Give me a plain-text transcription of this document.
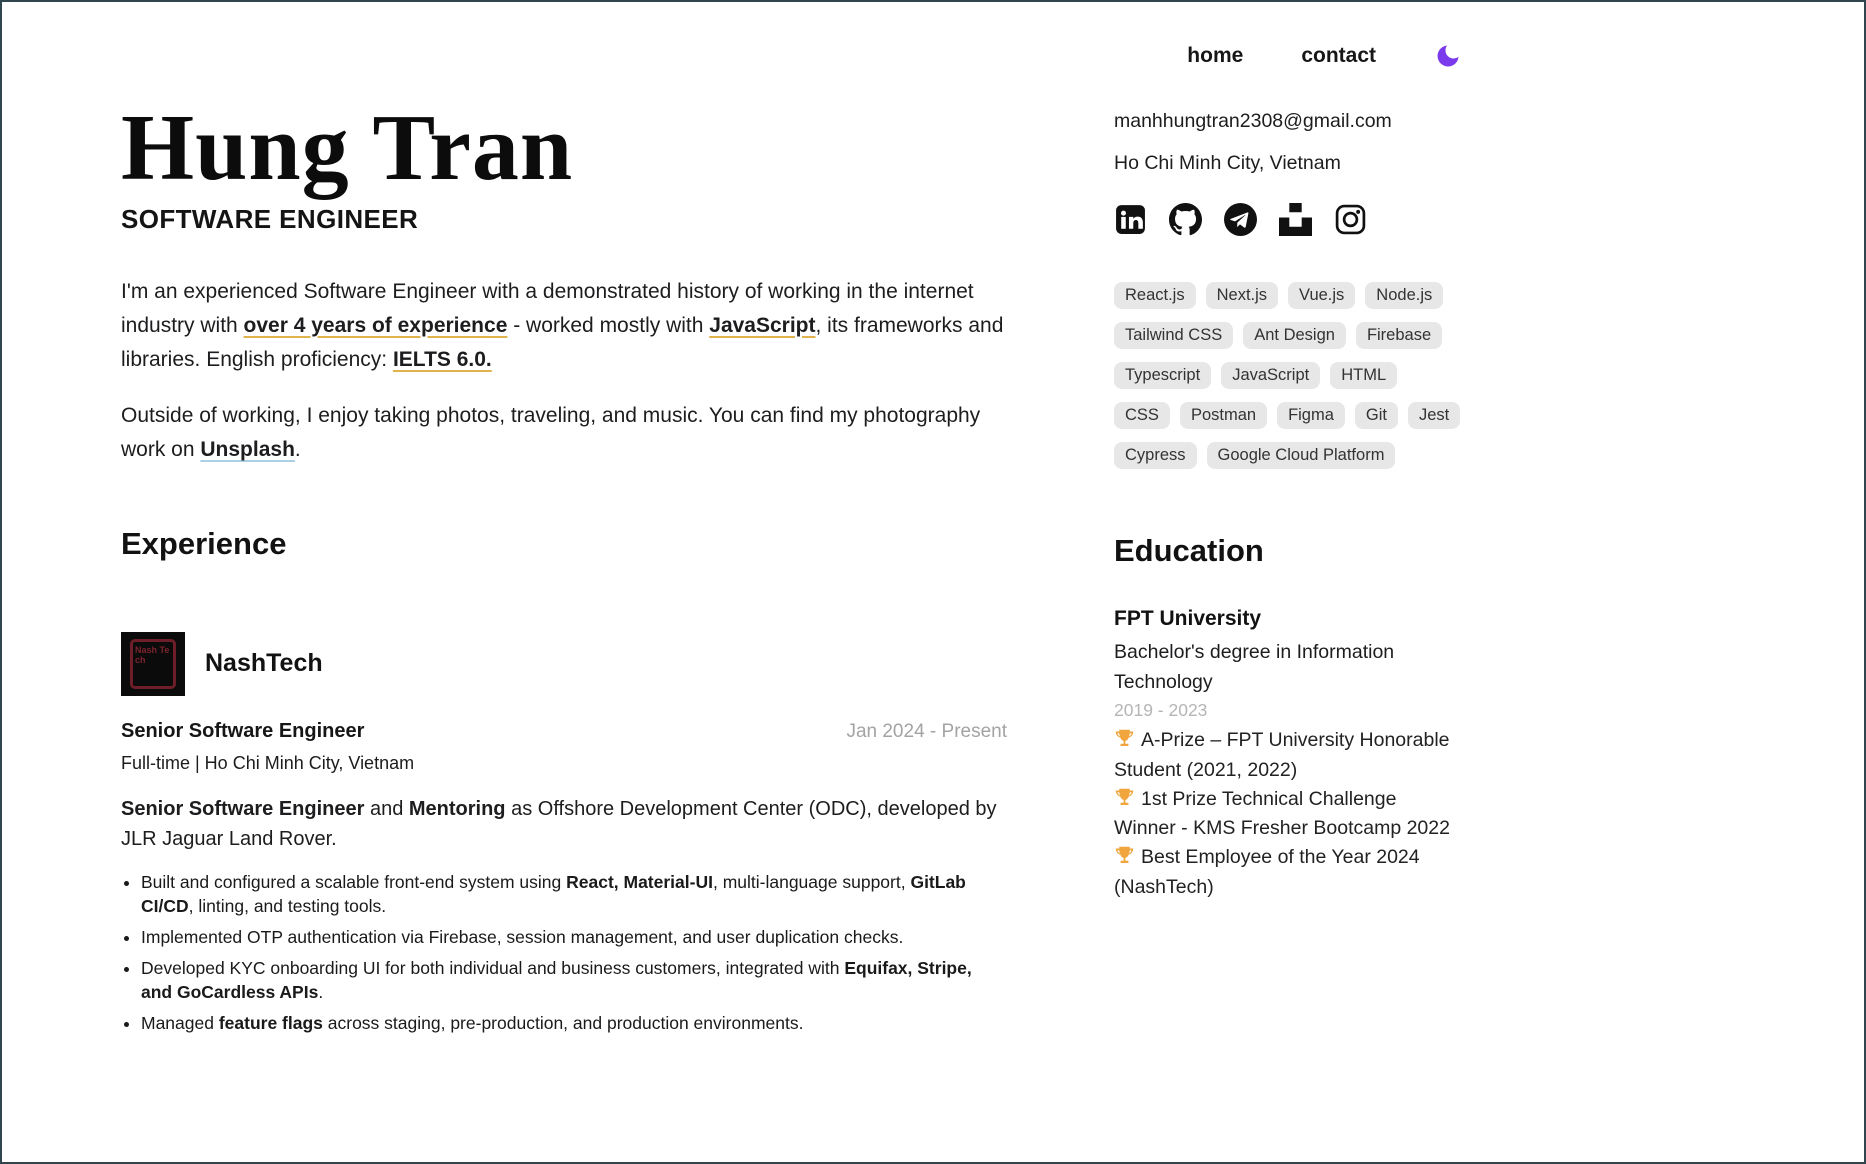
home	contact
Hung Tran
SOFTWARE ENGINEER

I'm an experienced Software Engineer with a demonstrated history of working in the internet industry with over 4 years of experience - worked mostly with JavaScript, its frameworks and libraries. English proficiency: IELTS 6.0.

Outside of working, I enjoy taking photos, traveling, and music. You can find my photography work on Unsplash.

Experience
Nash Tech	NashTech
Senior Software Engineer	Jan 2024 - Present
Full-time | Ho Chi Minh City, Vietnam

Senior Software Engineer and Mentoring as Offshore Development Center (ODC), developed by JLR Jaguar Land Rover.

• Built and configured a scalable front-end system using React, Material-UI, multi-language support, GitLab CI/CD, linting, and testing tools.
• Implemented OTP authentication via Firebase, session management, and user duplication checks.
• Developed KYC onboarding UI for both individual and business customers, integrated with Equifax, Stripe, and GoCardless APIs.
• Managed feature flags across staging, pre-production, and production environments.
manhhungtran2308@gmail.com
Ho Chi Minh City, Vietnam
React.js	Next.js	Vue.js	Node.js
Tailwind CSS	Ant Design	Firebase
Typescript	JavaScript	HTML
CSS	Postman	Figma	Git	Jest
Cypress	Google Cloud Platform
Education
FPT University
Bachelor's degree in Information Technology
2019 - 2023
A-Prize – FPT University Honorable Student (2021, 2022)
1st Prize Technical Challenge Winner - KMS Fresher Bootcamp 2022
Best Employee of the Year 2024 (NashTech)
